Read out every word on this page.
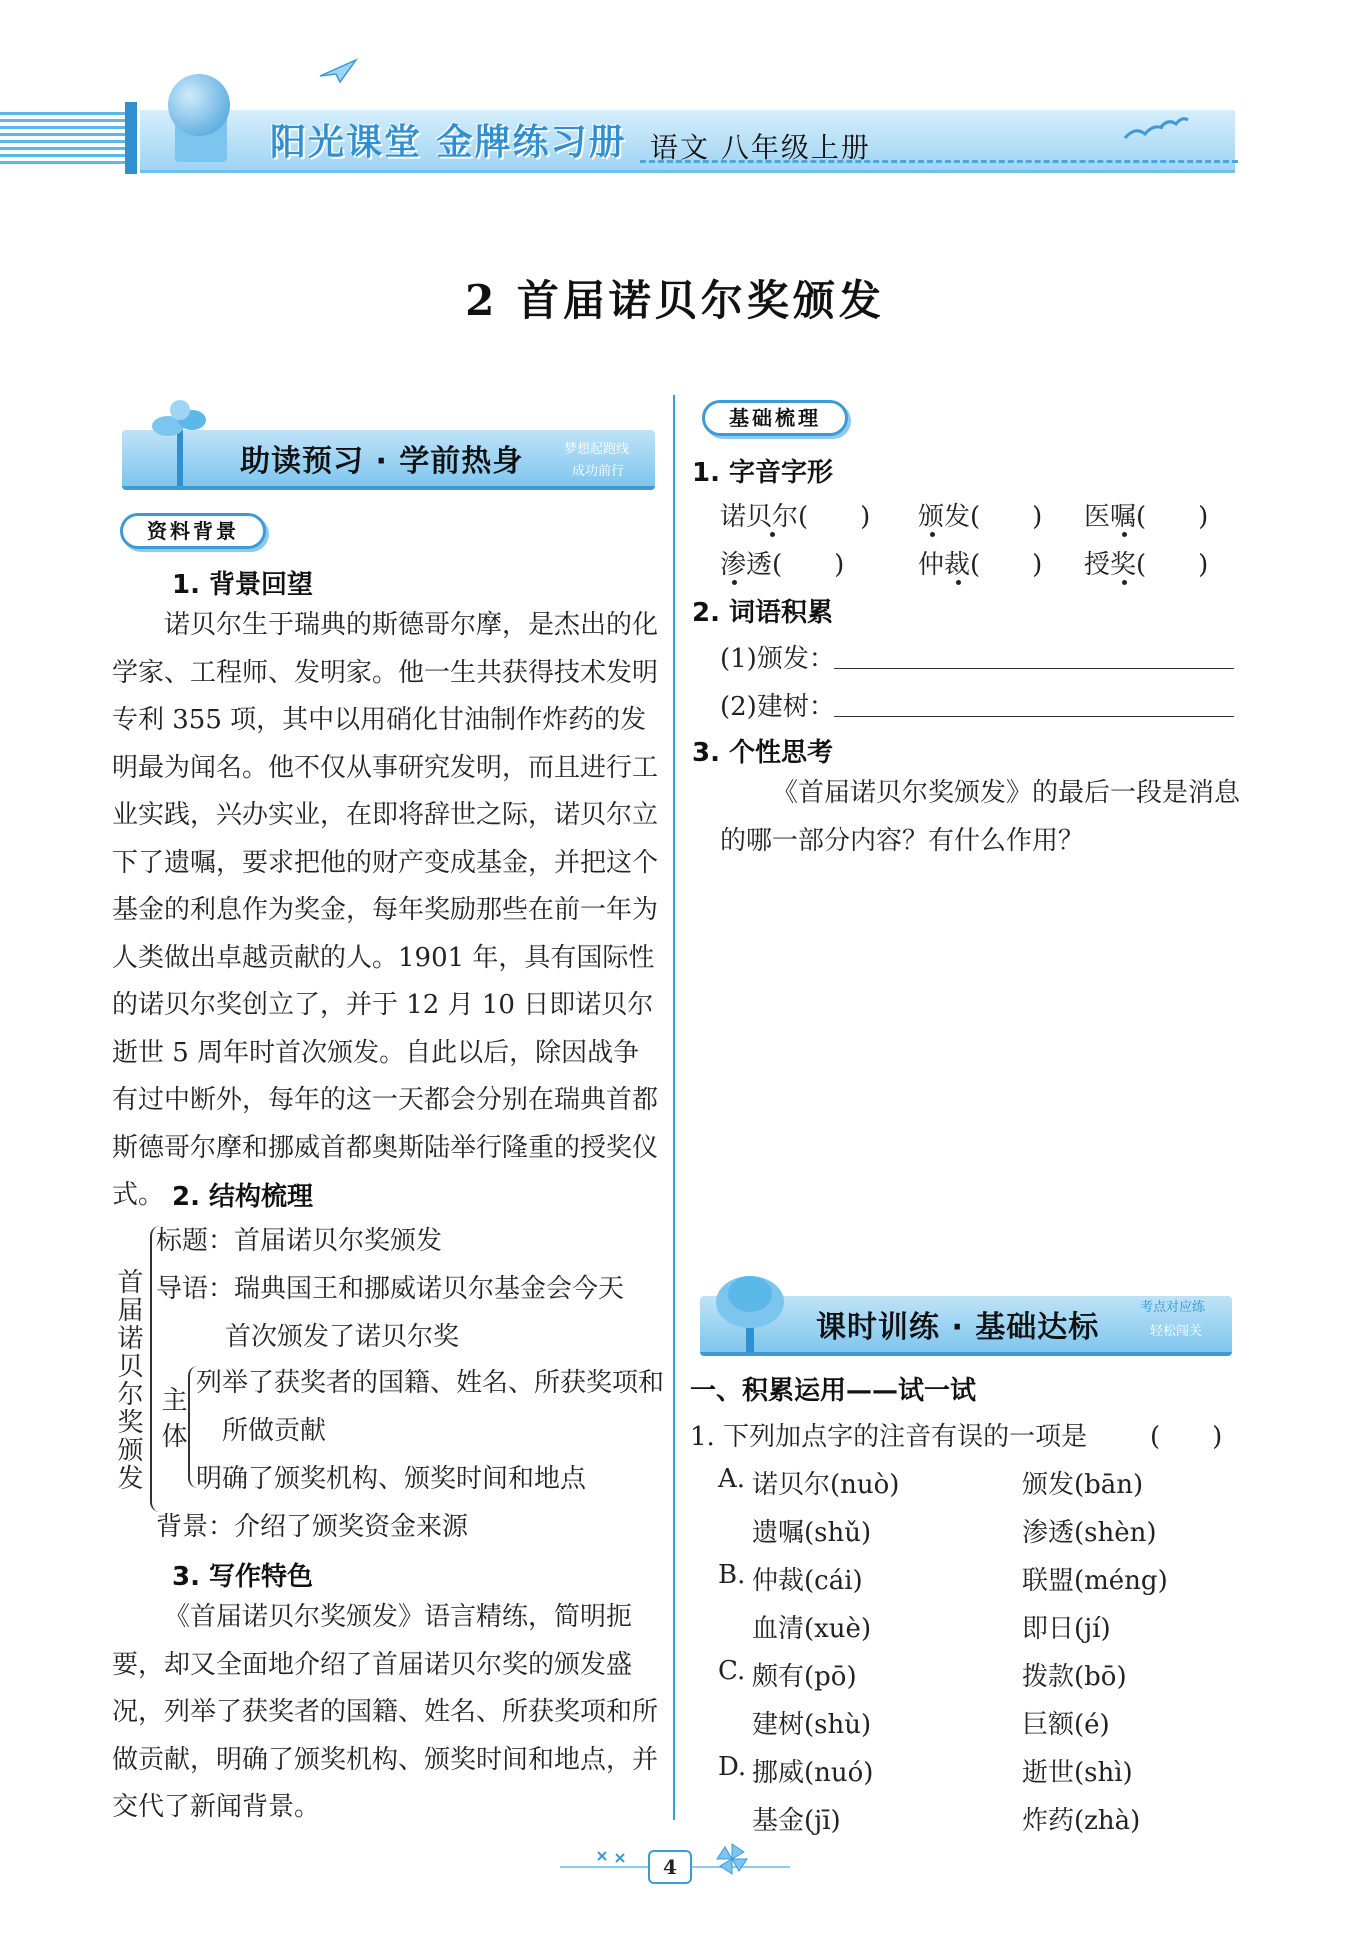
阳光课堂 金牌练习册 语文 八年级上册
2 首届诺贝尔奖颁发
助读预习 · 学前热身	梦想起跑线
成功前行
资料背景
1. 背景回望
诺贝尔生于瑞典的斯德哥尔摩，是杰出的化学家、工程师、发明家。他一生共获得技术发明专利 355 项，其中以用硝化甘油制作炸药的发明最为闻名。他不仅从事研究发明，而且进行工业实践，兴办实业，在即将辞世之际，诺贝尔立下了遗嘱，要求把他的财产变成基金，并把这个基金的利息作为奖金，每年奖励那些在前一年为人类做出卓越贡献的人。1901 年，具有国际性的诺贝尔奖创立了，并于 12 月 10 日即诺贝尔逝世 5 周年时首次颁发。自此以后，除因战争有过中断外，每年的这一天都会分别在瑞典首都斯德哥尔摩和挪威首都奥斯陆举行隆重的授奖仪式。 2. 结构梳理
首届诺贝尔奖颁发
标题：首届诺贝尔奖颁发
导语：瑞典国王和挪威诺贝尔基金会今天
首次颁发了诺贝尔奖
主体
列举了获奖者的国籍、姓名、所获奖项和
所做贡献
明确了颁奖机构、颁奖时间和地点
背景：介绍了颁奖资金来源
3. 写作特色
《首届诺贝尔奖颁发》语言精练，简明扼要，却又全面地介绍了首届诺贝尔奖的颁发盛况，列举了获奖者的国籍、姓名、所获奖项和所做贡献，明确了颁奖机构、颁奖时间和地点，并交代了新闻背景。
基础梳理
1. 字音字形
诺贝尔(　　) 颁发(　　) 医嘱(　　)
渗透(　　)	仲裁(　　) 授奖(　　)
2. 词语积累
(1)颁发：
(2)建树：
3. 个性思考
《首届诺贝尔奖颁发》的最后一段是消息的哪一部分内容？有什么作用？
课时训练 · 基础达标
考点对应练
轻松闯关
一、积累运用——试一试
1. 下列加点字的注音有误的一项是 (　　)
A. 诺贝尔(nuò)	颁发(bān)
遗嘱(shǔ)	渗透(shèn)
B. 仲裁(cái)	联盟(méng)
血清(xuè)	即日(jí)
C. 颇有(pō)	拨款(bō)
建树(shù)	巨额(é)
D. 挪威(nuó)	逝世(shì)
基金(jī)	炸药(zhà)
4
